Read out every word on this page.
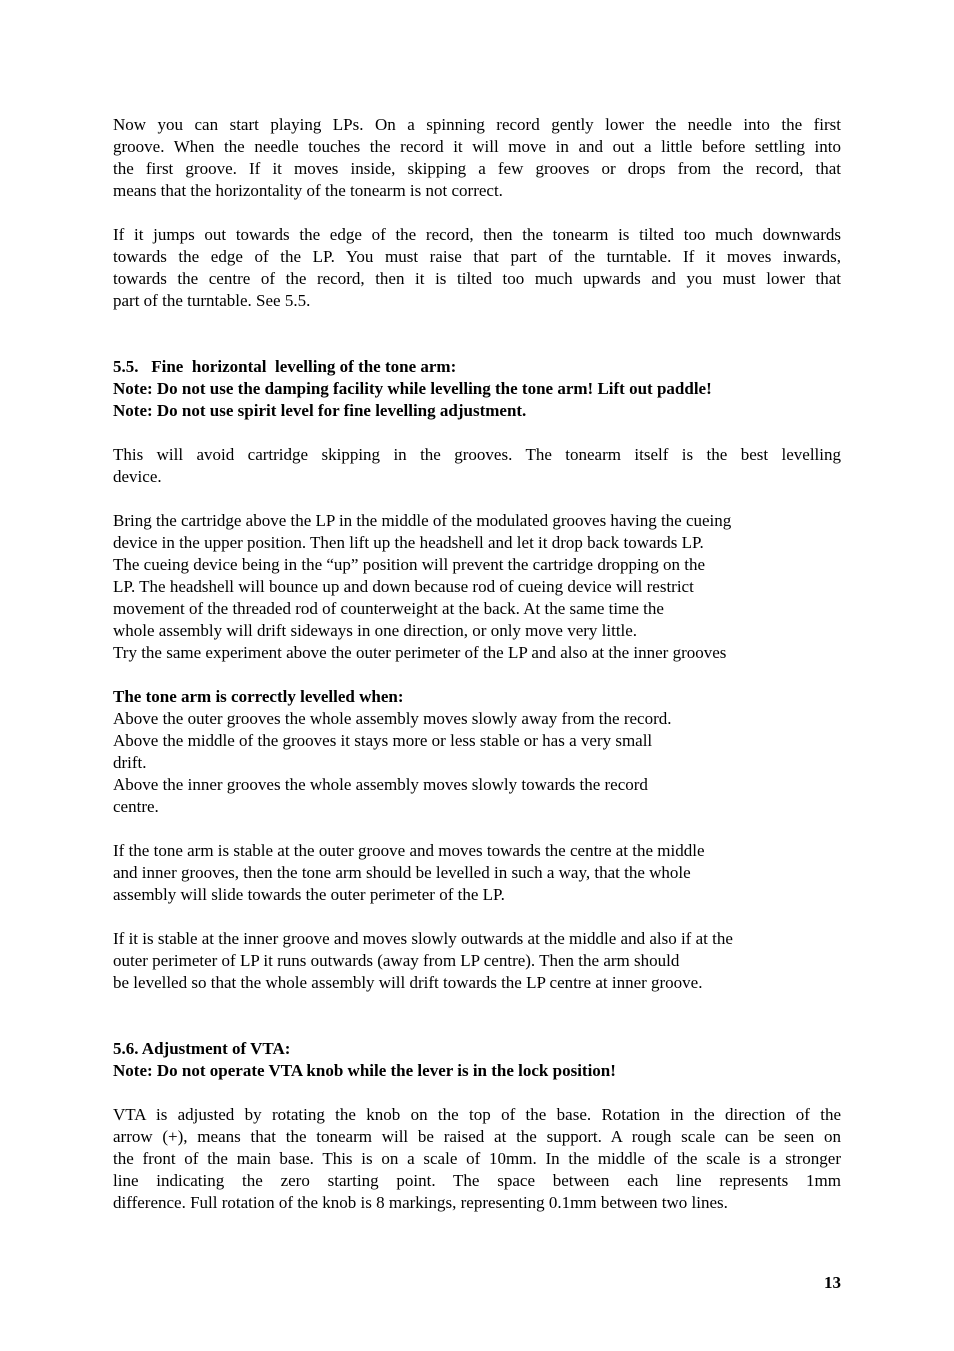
Now you can start playing LPs. On a spinning record gently lower the needle into the first
groove. When the needle touches the record it will move in and out a little before settling into
the first groove. If it moves inside, skipping a few grooves or drops from the record, that
means that the horizontality of the tonearm is not correct.

If it jumps out towards the edge of the record, then the tonearm is tilted too much downwards
towards the edge of the LP. You must raise that part of the turntable. If it moves inwards,
towards the centre of the record, then it is tilted too much upwards and you must lower that
part of the turntable. See 5.5.

5.5.   Fine  horizontal  levelling of the tone arm:
Note: Do not use the damping facility while levelling the tone arm! Lift out paddle!
Note: Do not use spirit level for fine levelling adjustment.

This will avoid cartridge skipping in the grooves. The tonearm itself is the best levelling
device.

Bring the cartridge above the LP in the middle of the modulated grooves having the cueing
device in the upper position. Then lift up the headshell and let it drop back towards LP.
The cueing device being in the “up” position will prevent the cartridge dropping on the
LP. The headshell will bounce up and down because rod of cueing device will restrict
movement of the threaded rod of counterweight at the back. At the same time the
whole assembly will drift sideways in one direction, or only move very little.
Try the same experiment above the outer perimeter of the LP and also at the inner grooves

The tone arm is correctly levelled when:
Above the outer grooves the whole assembly moves slowly away from the record.
Above the middle of the grooves it stays more or less stable or has a very small
drift.
Above the inner grooves the whole assembly moves slowly towards the record
centre.

If the tone arm is stable at the outer groove and moves towards the centre at the middle
and inner grooves, then the tone arm should be levelled in such a way, that the whole
assembly will slide towards the outer perimeter of the LP.

If it is stable at the inner groove and moves slowly outwards at the middle and also if at the
outer perimeter of LP it runs outwards (away from LP centre). Then the arm should
be levelled so that the whole assembly will drift towards the LP centre at inner groove.

5.6. Adjustment of VTA:
Note: Do not operate VTA knob while the lever is in the lock position!

VTA is adjusted by rotating the knob on the top of the base. Rotation in the direction of the
arrow (+), means that the tonearm will be raised at the support. A rough scale can be seen on
the front of the main base. This is on a scale of 10mm. In the middle of the scale is a stronger
line indicating the zero starting point. The space between each line represents 1mm
difference. Full rotation of the knob is 8 markings, representing 0.1mm between two lines.

13
